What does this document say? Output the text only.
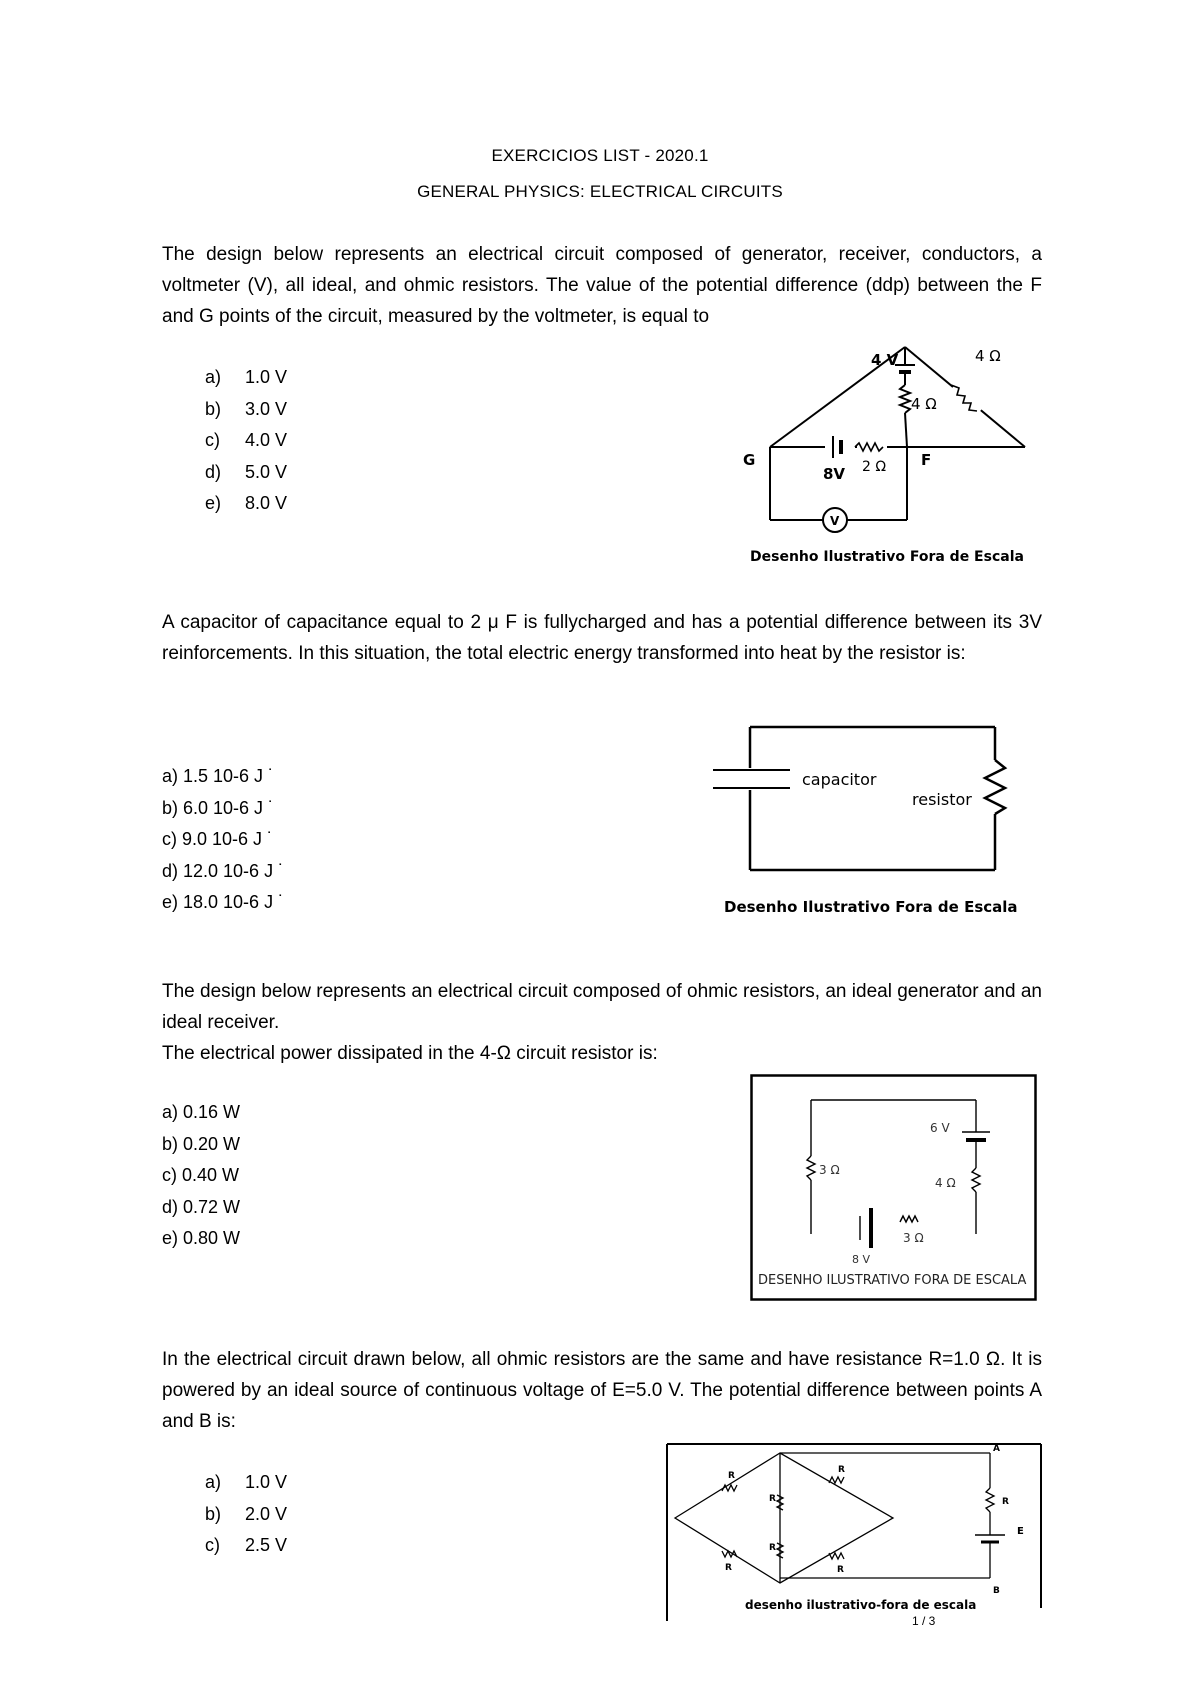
EXERCICIOS LIST - 2020.1
GENERAL PHYSICS: ELECTRICAL CIRCUITS
The design below represents an electrical circuit composed of generator, receiver, conductors, a voltmeter (V), all ideal, and ohmic resistors. The value of the potential difference (ddp) between the F and G points of the circuit, measured by the voltmeter, is equal to
a) 1.0 V
b) 3.0 V
c) 4.0 V
d) 5.0 V
e) 8.0 V
4 V	4 Ω
4 Ω
G
8V 2 Ω F
V
Desenho Ilustrativo Fora de Escala
A capacitor of capacitance equal to 2 μ F is fullycharged and has a potential difference between its 3V reinforcements. In this situation, the total electric energy transformed into heat by the resistor is:
a) 1.5 10-6 J ˙
b) 6.0 10-6 J ˙
c) 9.0 10-6 J ˙
d) 12.0 10-6 J ˙
e) 18.0 10-6 J ˙
capacitor
resistor
Desenho Ilustrativo Fora de Escala
The design below represents an electrical circuit composed of ohmic resistors, an ideal generator and an ideal receiver.
The electrical power dissipated in the 4-Ω circuit resistor is:
a) 0.16 W
b) 0.20 W
c) 0.40 W
d) 0.72 W
e) 0.80 W
6 V
3 Ω
4 Ω
3 Ω
8 V
DESENHO ILUSTRATIVO FORA DE ESCALA
In the electrical circuit drawn below, all ohmic resistors are the same and have resistance R=1.0 Ω. It is powered by an ideal source of continuous voltage of E=5.0 V. The potential difference between points A and B is:
a) 1.0 V
b) 2.0 V
c) 2.5 V
R
R
R
R
R	R
R
A
E
B
desenho ilustrativo-fora de escala
1 / 3
